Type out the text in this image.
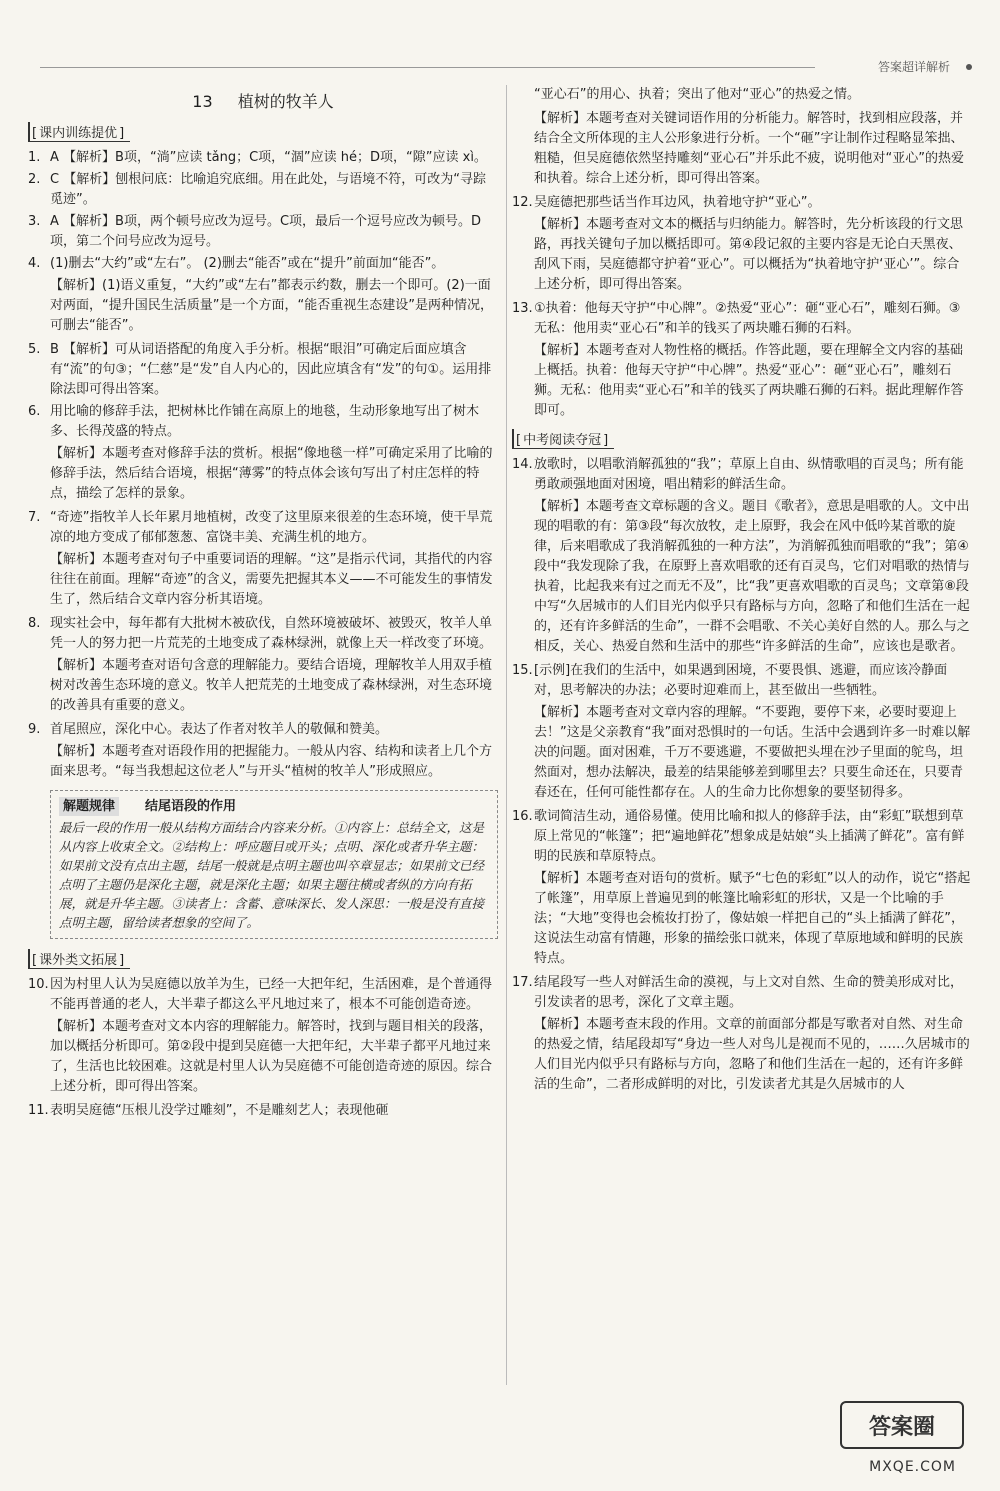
答案超详解析
13 植树的牧羊人
[ 课内训练提优 ]
1. A 【解析】B项，“淌”应读 tǎng；C项，“涸”应读 hé；D项，“隙”应读 xì。
2. C 【解析】刨根问底：比喻追究底细。用在此处，与语境不符，可改为“寻踪觅迹”。
3. A 【解析】B项，两个顿号应改为逗号。C项，最后一个逗号应改为顿号。D项，第二个问号应改为逗号。
4. (1)删去“大约”或“左右”。 (2)删去“能否”或在“提升”前面加“能否”。
【解析】(1)语义重复，“大约”或“左右”都表示约数，删去一个即可。(2)一面对两面，“提升国民生活质量”是一个方面，“能否重视生态建设”是两种情况，可删去“能否”。
5. B 【解析】可从词语搭配的角度入手分析。根据“眼泪”可确定后面应填含有“流”的句③；“仁慈”是“发”自人内心的，因此应填含有“发”的句①。运用排除法即可得出答案。
6. 用比喻的修辞手法，把树林比作铺在高原上的地毯，生动形象地写出了树木多、长得茂盛的特点。
【解析】本题考查对修辞手法的赏析。根据“像地毯一样”可确定采用了比喻的修辞手法，然后结合语境，根据“薄雾”的特点体会该句写出了村庄怎样的特点，描绘了怎样的景象。
7. “奇迹”指牧羊人长年累月地植树，改变了这里原来很差的生态环境，使干旱荒凉的地方变成了郁郁葱葱、富饶丰美、充满生机的地方。
【解析】本题考查对句子中重要词语的理解。“这”是指示代词，其指代的内容往往在前面。理解“奇迹”的含义，需要先把握其本义——不可能发生的事情发生了，然后结合文章内容分析其语境。
8. 现实社会中，每年都有大批树木被砍伐，自然环境被破坏、被毁灭，牧羊人单凭一人的努力把一片荒芜的土地变成了森林绿洲，就像上天一样改变了环境。
【解析】本题考查对语句含意的理解能力。要结合语境，理解牧羊人用双手植树对改善生态环境的意义。牧羊人把荒芜的土地变成了森林绿洲，对生态环境的改善具有重要的意义。
9. 首尾照应，深化中心。表达了作者对牧羊人的敬佩和赞美。
【解析】本题考查对语段作用的把握能力。一般从内容、结构和读者上几个方面来思考。“每当我想起这位老人”与开头“植树的牧羊人”形成照应。
解题规律	结尾语段的作用
最后一段的作用一般从结构方面结合内容来分析。①内容上：总结全文，这是从内容上收束全文。②结构上：呼应题目或开头；点明、深化或者升华主题：如果前文没有点出主题，结尾一般就是点明主题也叫卒章显志；如果前文已经点明了主题仍是深化主题，就是深化主题；如果主题往横或者纵的方向有拓展，就是升华主题。③读者上：含蓄、意味深长、发人深思：一般是没有直接点明主题，留给读者想象的空间了。
[ 课外类文拓展 ]
10. 因为村里人认为吴庭德以放羊为生，已经一大把年纪，生活困难，是个普通得不能再普通的老人，大半辈子都这么平凡地过来了，根本不可能创造奇迹。
【解析】本题考查对文本内容的理解能力。解答时，找到与题目相关的段落，加以概括分析即可。第②段中提到吴庭德一大把年纪，大半辈子都平凡地过来了，生活也比较困难。这就是村里人认为吴庭德不可能创造奇迹的原因。综合上述分析，即可得出答案。
11. 表明吴庭德“压根儿没学过雕刻”，不是雕刻艺人；表现他砸
“亚心石”的用心、执着；突出了他对“亚心”的热爱之情。
【解析】本题考查对关键词语作用的分析能力。解答时，找到相应段落，并结合全文所体现的主人公形象进行分析。一个“砸”字让制作过程略显笨拙、粗糙，但吴庭德依然坚持雕刻“亚心石”并乐此不疲，说明他对“亚心”的热爱和执着。综合上述分析，即可得出答案。
12. 吴庭德把那些话当作耳边风，执着地守护“亚心”。
【解析】本题考查对文本的概括与归纳能力。解答时，先分析该段的行文思路，再找关键句子加以概括即可。第④段记叙的主要内容是无论白天黑夜、刮风下雨，吴庭德都守护着“亚心”。可以概括为“执着地守护‘亚心’”。综合上述分析，即可得出答案。
13. ①执着：他每天守护“中心牌”。②热爱“亚心”：砸“亚心石”，雕刻石狮。③无私：他用卖“亚心石”和羊的钱买了两块雕石狮的石料。
【解析】本题考查对人物性格的概括。作答此题，要在理解全文内容的基础上概括。执着：他每天守护“中心牌”。热爱“亚心”：砸“亚心石”，雕刻石狮。无私：他用卖“亚心石”和羊的钱买了两块雕石狮的石料。据此理解作答即可。
[ 中考阅读夺冠 ]
14. 放歌时，以唱歌消解孤独的“我”；草原上自由、纵情歌唱的百灵鸟；所有能勇敢顽强地面对困境，唱出精彩的鲜活生命。
【解析】本题考查文章标题的含义。题目《歌者》，意思是唱歌的人。文中出现的唱歌的有：第③段“每次放牧，走上原野，我会在风中低吟某首歌的旋律，后来唱歌成了我消解孤独的一种方法”，为消解孤独而唱歌的“我”；第④段中“我发现除了我，在原野上喜欢唱歌的还有百灵鸟，它们对唱歌的热情与执着，比起我来有过之而无不及”，比“我”更喜欢唱歌的百灵鸟；文章第⑧段中写“久居城市的人们目光内似乎只有路标与方向，忽略了和他们生活在一起的，还有许多鲜活的生命”，一群不会唱歌、不关心美好自然的人。那么与之相反，关心、热爱自然和生活中的那些“许多鲜活的生命”，应该也是歌者。
15. [示例]在我们的生活中，如果遇到困境，不要畏惧、逃避，而应该冷静面对，思考解决的办法；必要时迎难而上，甚至做出一些牺牲。
【解析】本题考查对文章内容的理解。“不要跑，要停下来，必要时要迎上去！”这是父亲教育“我”面对恐惧时的一句话。生活中会遇到许多一时难以解决的问题。面对困难，千万不要逃避，不要做把头埋在沙子里面的鸵鸟，坦然面对，想办法解决，最差的结果能够差到哪里去？只要生命还在，只要青春还在，任何可能性都存在。人的生命力比你想象的要坚韧得多。
16. 歌词简洁生动，通俗易懂。使用比喻和拟人的修辞手法，由“彩虹”联想到草原上常见的“帐篷”；把“遍地鲜花”想象成是姑娘“头上插满了鲜花”。富有鲜明的民族和草原特点。
【解析】本题考查对语句的赏析。赋予“七色的彩虹”以人的动作，说它“搭起了帐篷”，用草原上普遍见到的帐篷比喻彩虹的形状，又是一个比喻的手法；“大地”变得也会梳妆打扮了，像姑娘一样把自己的“头上插满了鲜花”，这说法生动富有情趣，形象的描绘张口就来，体现了草原地域和鲜明的民族特点。
17. 结尾段写一些人对鲜活生命的漠视，与上文对自然、生命的赞美形成对比，引发读者的思考，深化了文章主题。
【解析】本题考查末段的作用。文章的前面部分都是写歌者对自然、对生命的热爱之情，结尾段却写“身边一些人对鸟儿是视而不见的，……久居城市的人们目光内似乎只有路标与方向，忽略了和他们生活在一起的，还有许多鲜活的生命”，二者形成鲜明的对比，引发读者尤其是久居城市的人
答案圈
MXQE.COM
